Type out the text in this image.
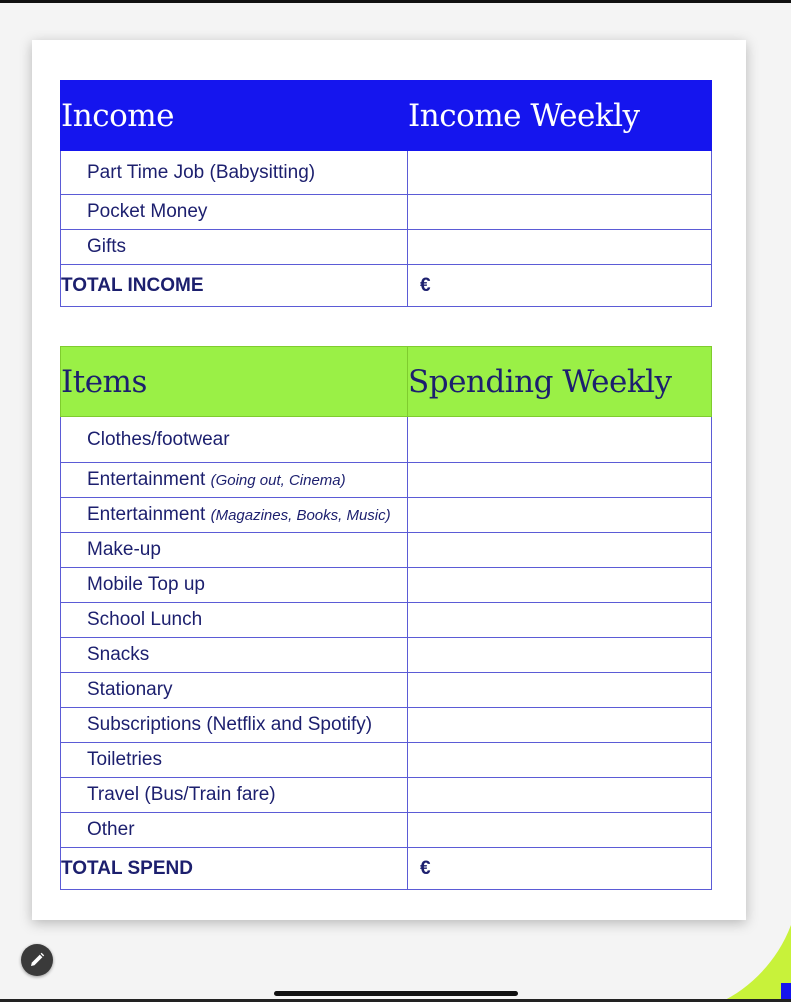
Income	Income Weekly
Part Time Job (Babysitting)	
Pocket Money	
Gifts	
TOTAL INCOME	€
Items	Spending Weekly
Clothes/footwear	
Entertainment (Going out, Cinema)	
Entertainment (Magazines, Books, Music)	
Make-up	
Mobile Top up	
School Lunch	
Snacks	
Stationary	
Subscriptions (Netflix and Spotify)	
Toiletries	
Travel (Bus/Train fare)	
Other	
TOTAL SPEND	€
